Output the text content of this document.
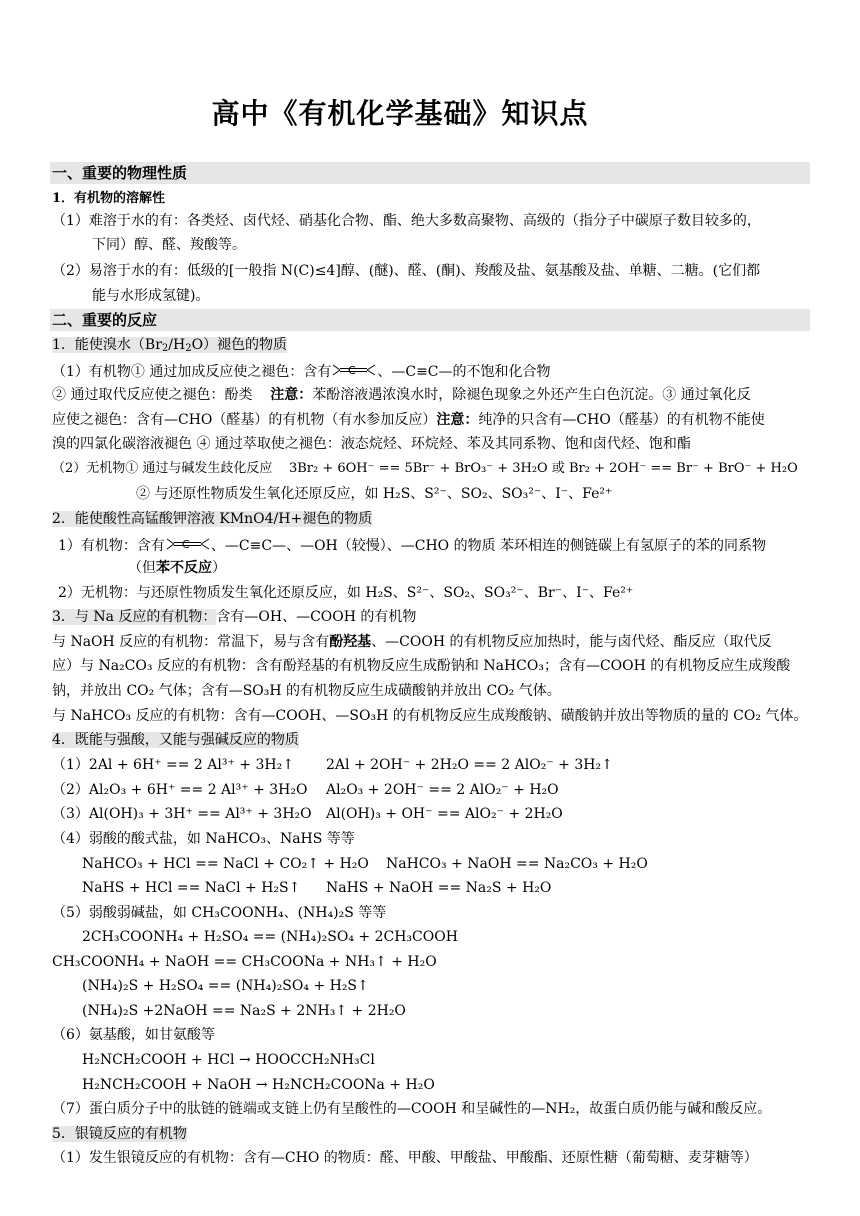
高中《有机化学基础》知识点
一、重要的物理性质
1．有机物的溶解性
（1）难溶于水的有：各类烃、卤代烃、硝基化合物、酯、绝大多数高聚物、高级的（指分子中碳原子数目较多的，
下同）醇、醛、羧酸等。
（2）易溶于水的有：低级的[一般指 N(C)≤4]醇、(醚)、醛、(酮)、羧酸及盐、氨基酸及盐、单糖、二糖。(它们都
能与水形成氢键)。
二、重要的反应
1．能使溴水$(Br_2/H_2O)$褪色的物质
（1）有机物① 通过加成反应使之褪色：含有 C 、—C≡C—的不饱和化合物
② 通过取代反应使之褪色：酚类 注意：苯酚溶液遇浓溴水时，除褪色现象之外还产生白色沉淀。③ 通过氧化反
应使之褪色：含有—CHO（醛基）的有机物（有水参加反应）注意：纯净的只含有—CHO（醛基）的有机物不能使
溴的四氯化碳溶液褪色 ④ 通过萃取使之褪色：液态烷烃、环烷烃、苯及其同系物、饱和卤代烃、饱和酯
（2）无机物① 通过与碱发生歧化反应 3Br₂ + 6OH⁻ == 5Br⁻ + BrO₃⁻ + 3H₂O 或 Br₂ + 2OH⁻ == Br⁻ + BrO⁻ + H₂O
② 与还原性物质发生氧化还原反应，如 H₂S、S²⁻、SO₂、SO₃²⁻、I⁻、Fe²⁺
2．能使酸性高锰酸钾溶液 KMnO4/H+褪色的物质
1）有机物：含有 C 、—C≡C—、—OH（较慢）、—CHO 的物质 苯环相连的侧链碳上有氢原子的苯的同系物
（但苯不反应）
2）无机物：与还原性物质发生氧化还原反应，如 H₂S、S²⁻、SO₂、SO₃²⁻、Br⁻、I⁻、Fe²⁺
3．与 Na 反应的有机物：含有—OH、—COOH 的有机物
与 NaOH 反应的有机物：常温下，易与含有酚羟基、—COOH 的有机物反应加热时，能与卤代烃、酯反应（取代反
应）与 Na₂CO₃ 反应的有机物：含有酚羟基的有机物反应生成酚钠和 NaHCO₃；含有—COOH 的有机物反应生成羧酸
钠，并放出 CO₂ 气体；含有—SO₃H 的有机物反应生成磺酸钠并放出 CO₂ 气体。
与 NaHCO₃ 反应的有机物：含有—COOH、—SO₃H 的有机物反应生成羧酸钠、磺酸钠并放出等物质的量的 CO₂ 气体。
4．既能与强酸，又能与强碱反应的物质
（1）2Al + 6H⁺ == 2 Al³⁺ + 3H₂↑ 2Al + 2OH⁻ + 2H₂O == 2 AlO₂⁻ + 3H₂↑
（2）Al₂O₃ + 6H⁺ == 2 Al³⁺ + 3H₂O Al₂O₃ + 2OH⁻ == 2 AlO₂⁻ + H₂O
（3）Al(OH)₃ + 3H⁺ == Al³⁺ + 3H₂O Al(OH)₃ + OH⁻ == AlO₂⁻ + 2H₂O
（4）弱酸的酸式盐，如 NaHCO₃、NaHS 等等
NaHCO₃ + HCl == NaCl + CO₂↑ + H₂O NaHCO₃ + NaOH == Na₂CO₃ + H₂O
NaHS + HCl == NaCl + H₂S↑ NaHS + NaOH == Na₂S + H₂O
（5）弱酸弱碱盐，如 CH₃COONH₄、(NH₄)₂S 等等
2CH₃COONH₄ + H₂SO₄ == (NH₄)₂SO₄ + 2CH₃COOH
CH₃COONH₄ + NaOH == CH₃COONa + NH₃↑ + H₂O
(NH₄)₂S + H₂SO₄ == (NH₄)₂SO₄ + H₂S↑
(NH₄)₂S +2NaOH == Na₂S + 2NH₃↑ + 2H₂O
（6）氨基酸，如甘氨酸等
H₂NCH₂COOH + HCl → HOOCCH₂NH₃Cl
H₂NCH₂COOH + NaOH → H₂NCH₂COONa + H₂O
（7）蛋白质分子中的肽链的链端或支链上仍有呈酸性的—COOH 和呈碱性的—NH₂，故蛋白质仍能与碱和酸反应。
5．银镜反应的有机物
（1）发生银镜反应的有机物：含有—CHO 的物质：醛、甲酸、甲酸盐、甲酸酯、还原性糖（葡萄糖、麦芽糖等）
